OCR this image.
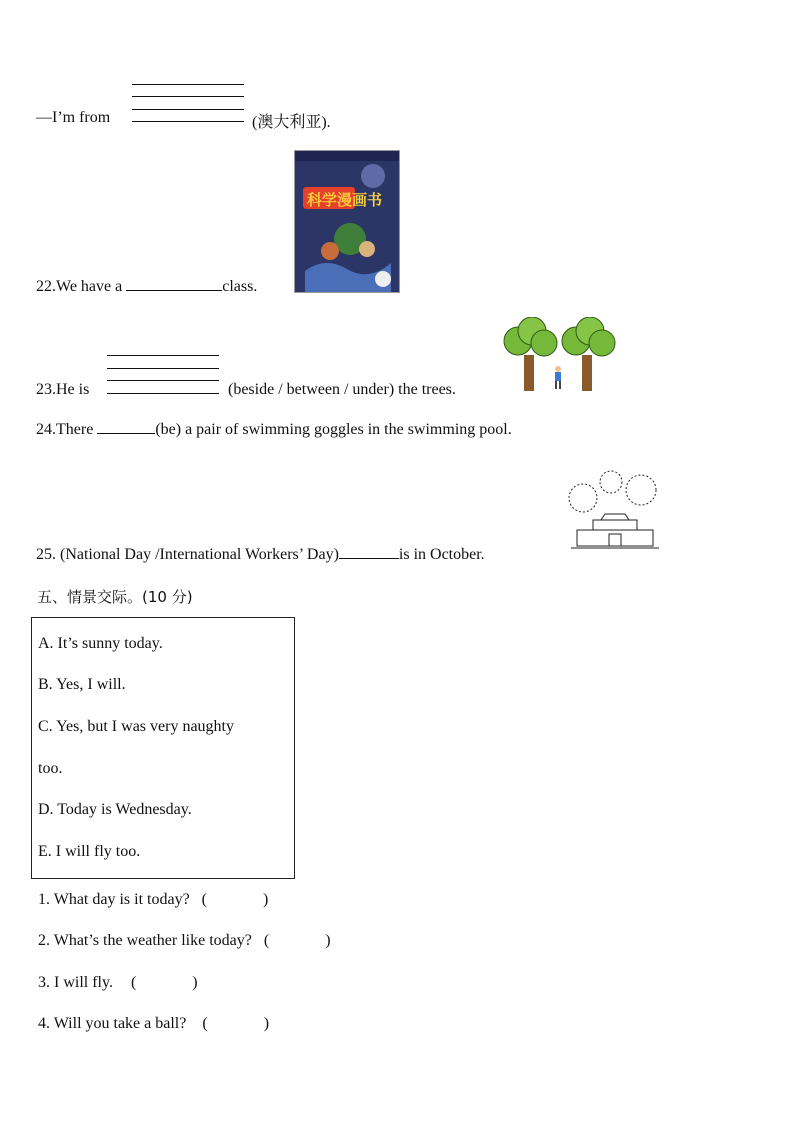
—I’m from	(澳大利亚).
22.We have a	class.
科学漫画书
23.He is	(beside / between / under) the trees.
24.There	(be) a pair of swimming goggles in the swimming pool.
25. (National Day /International Workers’ Day)	is in October.
五、情景交际。(10 分)
A. It’s sunny today.
B. Yes, I will.
C. Yes, but I was very naughty
too.
D. Today is Wednesday.
E. I will fly too.
1. What day is it today? (	)
2. What’s the weather like today? (	)
3. I will fly. (	)
4. Will you take a ball? (	)
